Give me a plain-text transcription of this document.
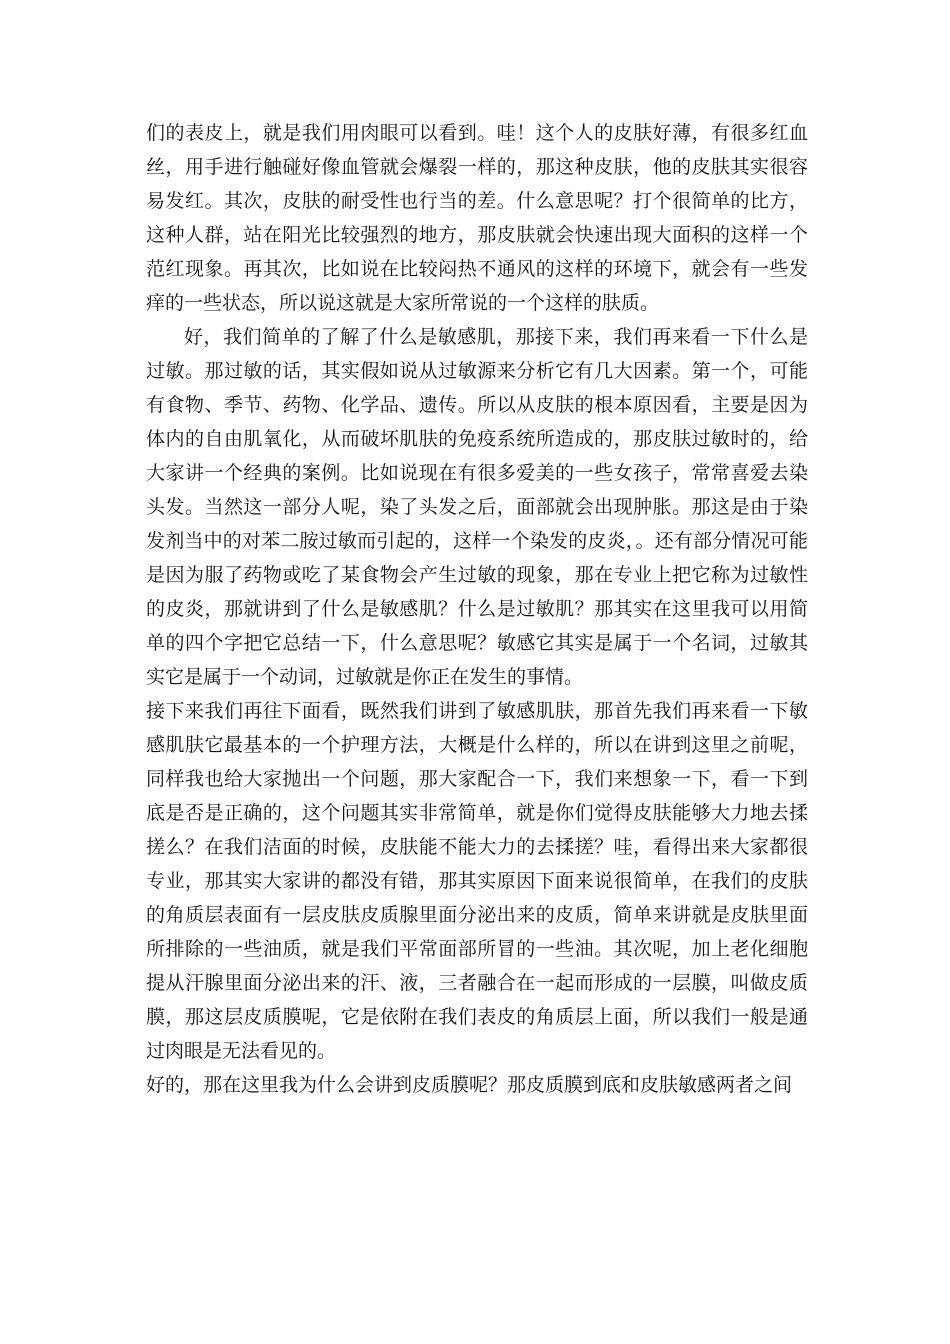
们的表皮上，就是我们用肉眼可以看到。哇！这个人的皮肤好薄，有很多红血丝，用手进行触碰好像血管就会爆裂一样的，那这种皮肤，他的皮肤其实很容易发红。其次，皮肤的耐受性也行当的差。什么意思呢？打个很简单的比方，这种人群，站在阳光比较强烈的地方，那皮肤就会快速出现大面积的这样一个范红现象。再其次，比如说在比较闷热不通风的这样的环境下，就会有一些发痒的一些状态，所以说这就是大家所常说的一个这样的肤质。

好，我们简单的了解了什么是敏感肌，那接下来，我们再来看一下什么是过敏。那过敏的话，其实假如说从过敏源来分析它有几大因素。第一个，可能有食物、季节、药物、化学品、遗传。所以从皮肤的根本原因看，主要是因为体内的自由肌氧化，从而破坏肌肤的免疫系统所造成的，那皮肤过敏时的，给大家讲一个经典的案例。比如说现在有很多爱美的一些女孩子，常常喜爱去染头发。当然这一部分人呢，染了头发之后，面部就会出现肿胀。那这是由于染发剂当中的对苯二胺过敏而引起的，这样一个染发的皮炎，。还有部分情况可能是因为服了药物或吃了某食物会产生过敏的现象，那在专业上把它称为过敏性的皮炎，那就讲到了什么是敏感肌？什么是过敏肌？那其实在这里我可以用简单的四个字把它总结一下，什么意思呢？敏感它其实是属于一个名词，过敏其实它是属于一个动词，过敏就是你正在发生的事情。

接下来我们再往下面看，既然我们讲到了敏感肌肤，那首先我们再来看一下敏感肌肤它最基本的一个护理方法，大概是什么样的，所以在讲到这里之前呢，同样我也给大家抛出一个问题，那大家配合一下，我们来想象一下，看一下到底是否是正确的，这个问题其实非常简单，就是你们觉得皮肤能够大力地去揉搓么？在我们洁面的时候，皮肤能不能大力的去揉搓？哇，看得出来大家都很专业，那其实大家讲的都没有错，那其实原因下面来说很简单，在我们的皮肤的角质层表面有一层皮肤皮质腺里面分泌出来的皮质，简单来讲就是皮肤里面所排除的一些油质，就是我们平常面部所冒的一些油。其次呢，加上老化细胞提从汗腺里面分泌出来的汗、液，三者融合在一起而形成的一层膜，叫做皮质膜，那这层皮质膜呢，它是依附在我们表皮的角质层上面，所以我们一般是通过肉眼是无法看见的。

好的，那在这里我为什么会讲到皮质膜呢？那皮质膜到底和皮肤敏感两者之间
